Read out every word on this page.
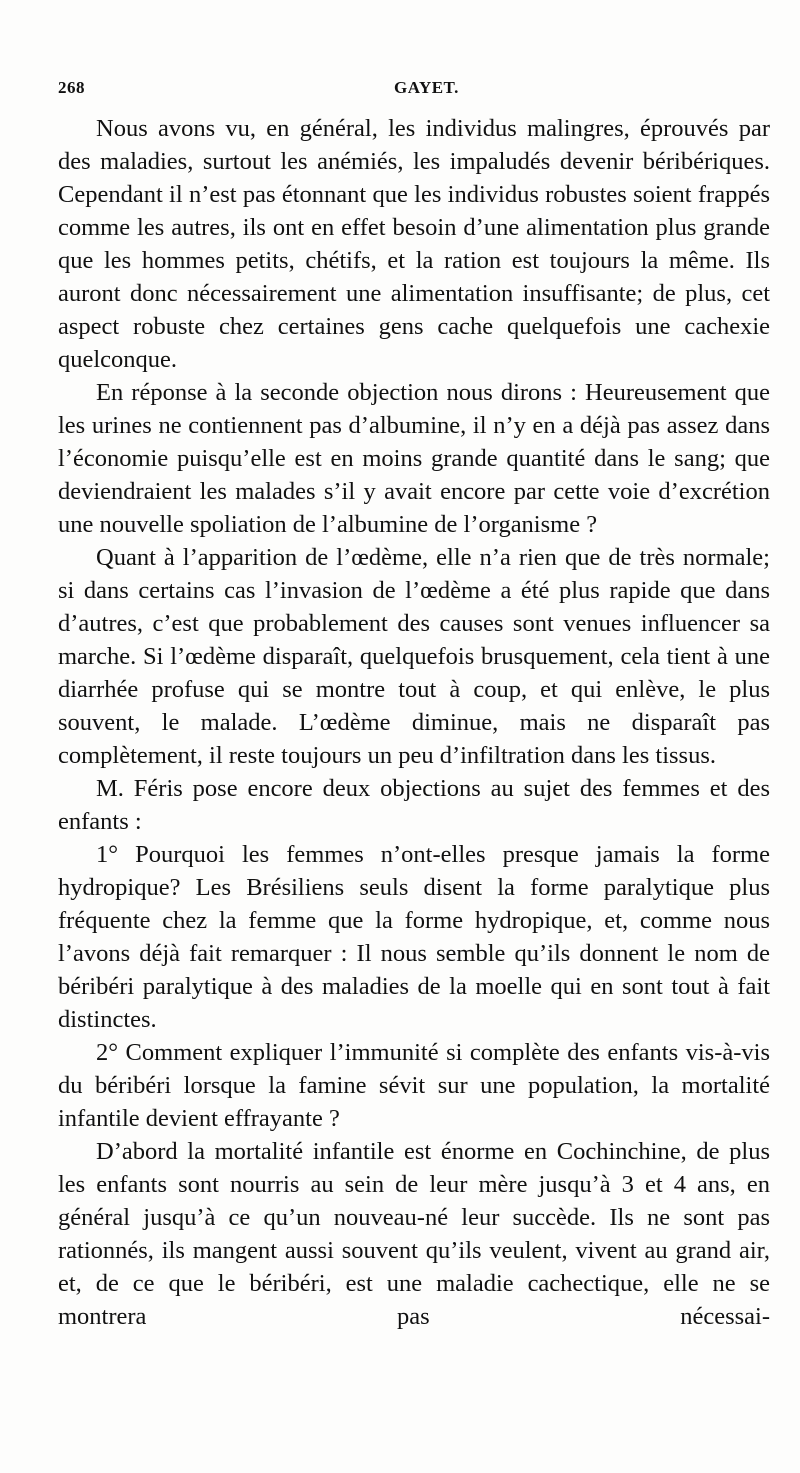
268	GAYET.

Nous avons vu, en général, les individus malingres, éprouvés par des maladies, surtout les anémiés, les impaludés devenir béribériques. Cependant il n’est pas étonnant que les individus robustes soient frappés comme les autres, ils ont en effet besoin d’une alimentation plus grande que les hommes petits, chétifs, et la ration est toujours la même. Ils auront donc nécessairement une alimentation insuffisante; de plus, cet aspect robuste chez certaines gens cache quelquefois une cachexie quelconque.

En réponse à la seconde objection nous dirons : Heureusement que les urines ne contiennent pas d’albumine, il n’y en a déjà pas assez dans l’économie puisqu’elle est en moins grande quantité dans le sang; que deviendraient les malades s’il y avait encore par cette voie d’excrétion une nouvelle spoliation de l’albumine de l’organisme ?

Quant à l’apparition de l’œdème, elle n’a rien que de très normale; si dans certains cas l’invasion de l’œdème a été plus rapide que dans d’autres, c’est que probablement des causes sont venues influencer sa marche. Si l’œdème disparaît, quelquefois brusquement, cela tient à une diarrhée profuse qui se montre tout à coup, et qui enlève, le plus souvent, le malade. L’œdème diminue, mais ne disparaît pas complètement, il reste toujours un peu d’infiltration dans les tissus.

M. Féris pose encore deux objections au sujet des femmes et des enfants :

1° Pourquoi les femmes n’ont-elles presque jamais la forme hydropique? Les Brésiliens seuls disent la forme paralytique plus fréquente chez la femme que la forme hydropique, et, comme nous l’avons déjà fait remarquer : Il nous semble qu’ils donnent le nom de béribéri paralytique à des maladies de la moelle qui en sont tout à fait distinctes.

2° Comment expliquer l’immunité si complète des enfants vis-à-vis du béribéri lorsque la famine sévit sur une population, la mortalité infantile devient effrayante ?

D’abord la mortalité infantile est énorme en Cochinchine, de plus les enfants sont nourris au sein de leur mère jusqu’à 3 et 4 ans, en général jusqu’à ce qu’un nouveau-né leur succède. Ils ne sont pas rationnés, ils mangent aussi souvent qu’ils veulent, vivent au grand air, et, de ce que le béribéri, est une maladie cachectique, elle ne se montrera pas nécessai-
